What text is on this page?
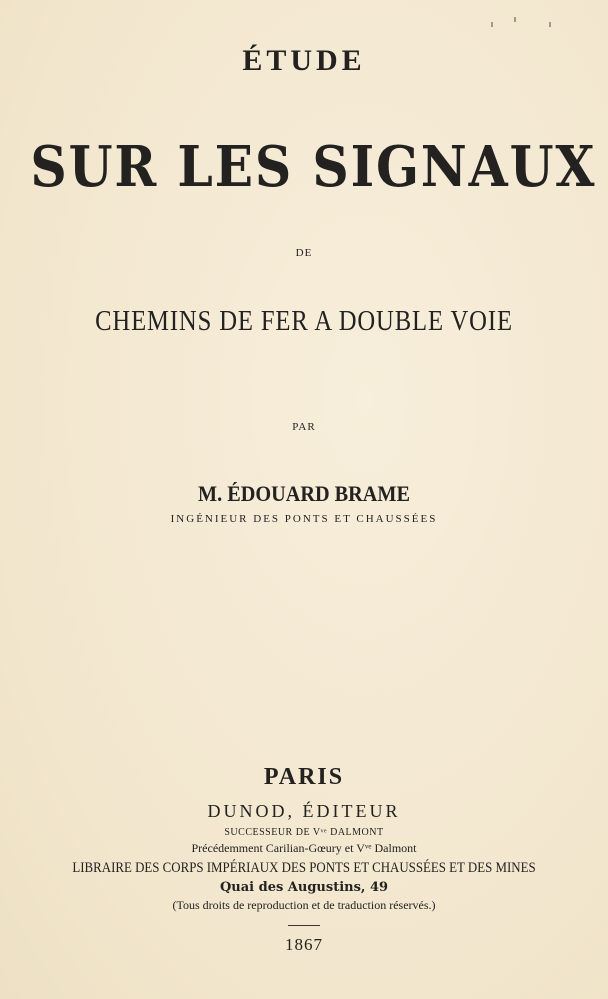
ÉTUDE
SUR LES SIGNAUX
DE
CHEMINS DE FER A DOUBLE VOIE
PAR
M. ÉDOUARD BRAME
INGÉNIEUR DES PONTS ET CHAUSSÉES
PARIS
DUNOD, ÉDITEUR
SUCCESSEUR DE Vᵛᵉ DALMONT
Précédemment Carilian-Gœury et Vᵛᵉ Dalmont
LIBRAIRE DES CORPS IMPÉRIAUX DES PONTS ET CHAUSSÉES ET DES MINES
Quai des Augustins, 49
(Tous droits de reproduction et de traduction réservés.)
1867
